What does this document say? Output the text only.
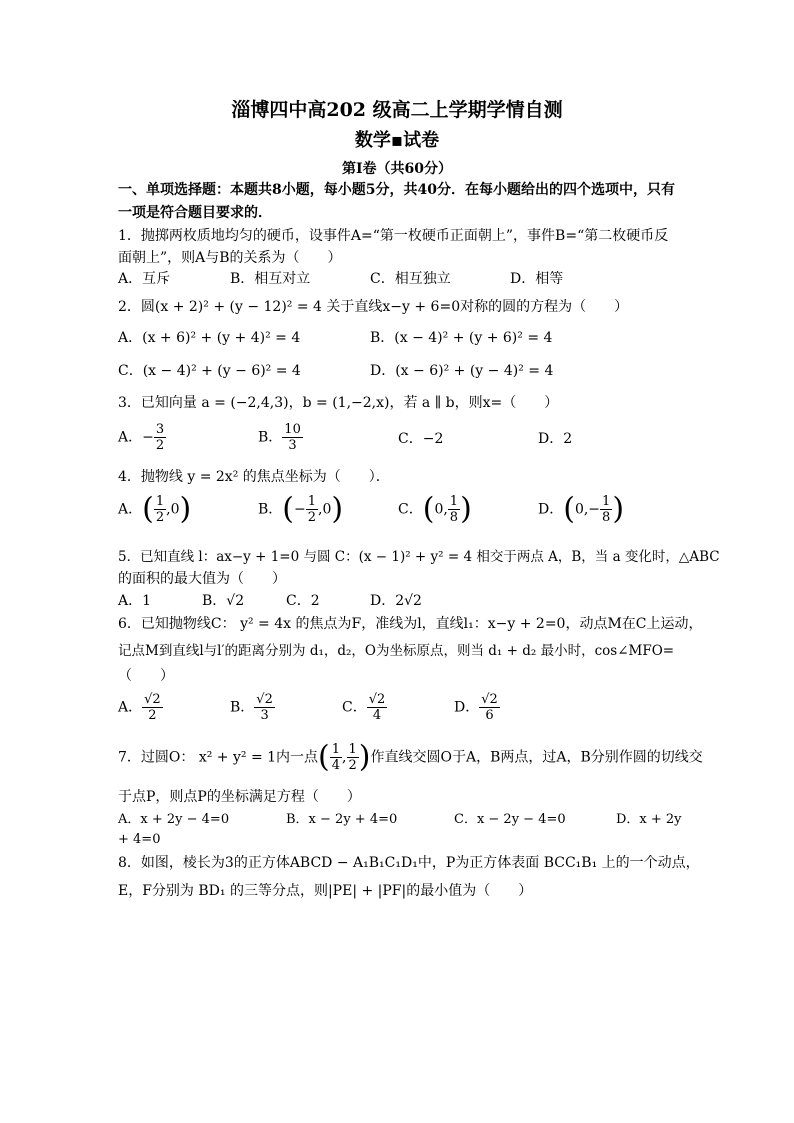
淄博四中高202 级高二上学期学情自测
数学▪试卷
第Ⅰ卷（共60分）
一、单项选择题：本题共8小题，每小题5分，共40分．在每小题给出的四个选项中，只有
一项是符合题目要求的．
1．抛掷两枚质地均匀的硬币，设事件A=“第一枚硬币正面朝上”，事件B=“第二枚硬币反
面朝上”，则A与B的关系为（　　）
A．互斥	B．相互对立	C．相互独立	D．相等
2．圆(x + 2)² + (y − 12)² = 4 关于直线x−y + 6=0对称的圆的方程为（　　）
A．(x + 6)² + (y + 4)² = 4	B．(x − 4)² + (y + 6)² = 4
C．(x − 4)² + (y − 6)² = 4	D．(x − 6)² + (y − 4)² = 4
3．已知向量 a = (−2,4,3)，b = (1,−2,x)，若 a ∥ b，则x=（　　）
A．− $\frac{3}{2}$	B． $\frac{10}{3}$	C．−2	D．2
4．抛物线 y = 2x² 的焦点坐标为（　　）．
A．( $\frac{1}{2} ,0$)	B．(− $\frac{1}{2} ,0$)	C．(0, $\frac{1}{8}$ )	D．($0,- \frac{1}{8}$ )
5．已知直线 l：ax−y + 1=0 与圆 C：(x − 1)² + y² = 4 相交于两点 A，B，当 a 变化时，△ABC
的面积的最大值为（　　）
A．1	B．√2	C．2	D．2√2
6．已知抛物线C： y² = 4x 的焦点为F，准线为l，直线l₁：x−y + 2=0，动点M在C上运动，
记点M到直线l与l′的距离分别为 d₁，d₂，O为坐标原点，则当 d₁ + d₂ 最小时，cos∠MFO=
（　　）
A． $\frac{√2}{2}$	B． $\frac{√2}{3}$	C． $\frac{√2}{4}$	D． $\frac{√2}{6}$
7．过圆O： x² + y² = 1内一点( $\frac{1}{4}$ , $\frac{1}{2}$ )作直线交圆O于A，B两点，过A，B分别作圆的切线交
于点P，则点P的坐标满足方程（　　）
A．x + 2y − 4=0	B．x − 2y + 4=0	C．x − 2y − 4=0	D．x + 2y
+ 4=0
8．如图，棱长为3的正方体ABCD − A₁B₁C₁D₁中，P为正方体表面 BCC₁B₁ 上的一个动点，
E，F分别为 BD₁ 的三等分点，则|PE| + |PF|的最小值为（　　）
